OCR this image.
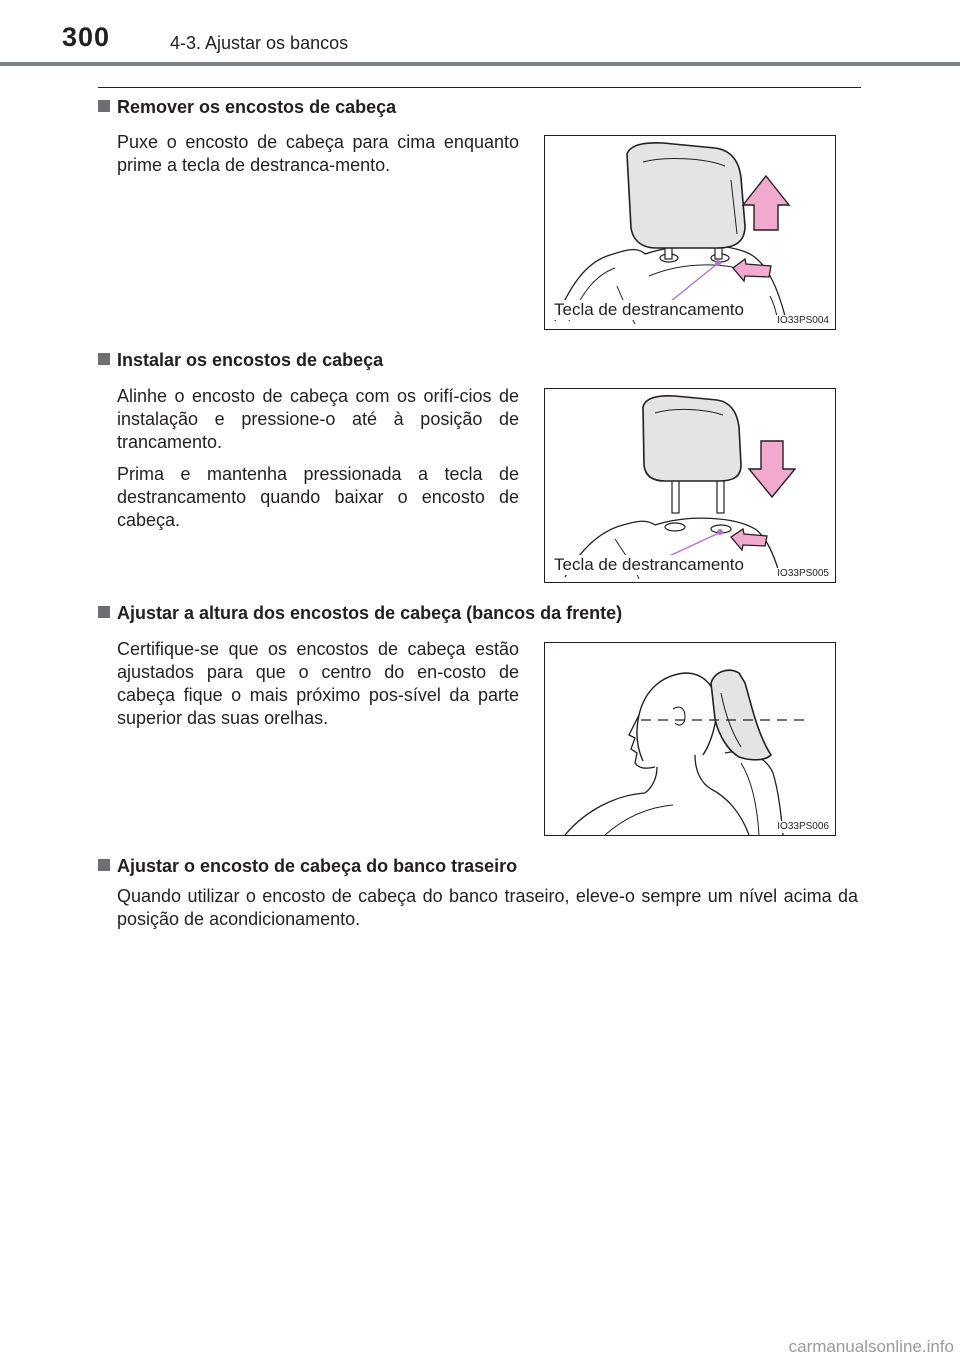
300	4-3. Ajustar os bancos
Remover os encostos de cabeça

Puxe o encosto de cabeça para cima enquanto prime a tecla de destranca-mento.

Tecla de destrancamento
IO33PS004
Instalar os encostos de cabeça

Alinhe o encosto de cabeça com os orifí-cios de instalação e pressione-o até à posição de trancamento.

Prima e mantenha pressionada a tecla de destrancamento quando baixar o encosto de cabeça.

Tecla de destrancamento	IO33PS005
Ajustar a altura dos encostos de cabeça (bancos da frente)

Certifique-se que os encostos de cabeça estão ajustados para que o centro do en-costo de cabeça fique o mais próximo pos-sível da parte superior das suas orelhas.

IO33PS006
Ajustar o encosto de cabeça do banco traseiro
Quando utilizar o encosto de cabeça do banco traseiro, eleve-o sempre um nível acima da posição de acondicionamento.
carmanualsonline.info
